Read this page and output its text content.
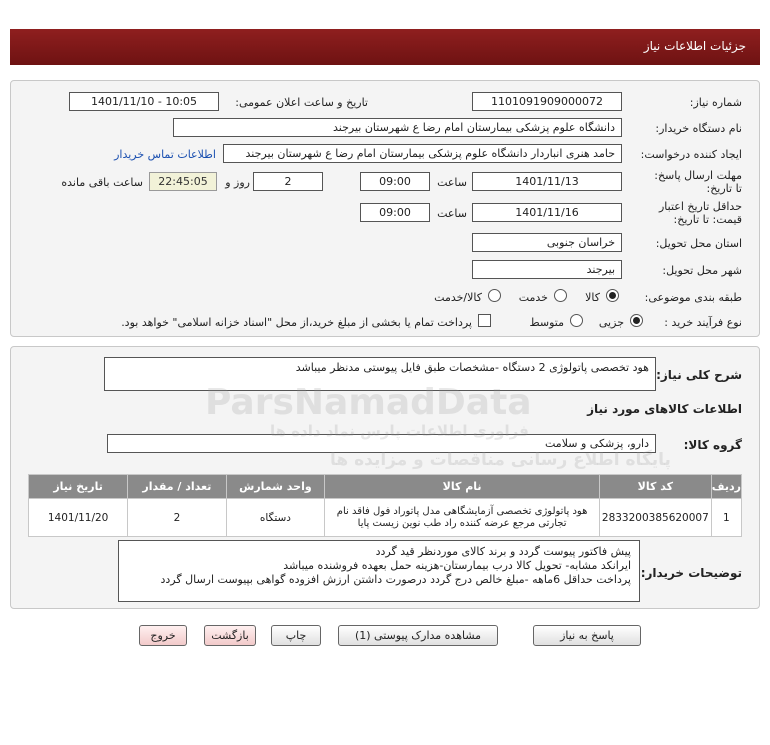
جزئیات اطلاعات نیاز
شماره نیاز:
1101091909000072
تاریخ و ساعت اعلان عمومی:
1401/11/10 - 10:05
نام دستگاه خریدار:
دانشگاه علوم پزشکی بیمارستان امام رضا ع شهرستان بیرجند
ایجاد کننده درخواست:
حامد هنری انباردار دانشگاه علوم پزشکی بیمارستان امام رضا ع شهرستان بیرجند
اطلاعات تماس خریدار
مهلت ارسال پاسخ: تا تاریخ:
1401/11/13
ساعت
09:00
2
روز و
22:45:05
ساعت باقی مانده
حداقل تاریخ اعتبار قیمت: تا تاریخ:
1401/11/16
ساعت
09:00
استان محل تحویل:
خراسان جنوبی
شهر محل تحویل:
بیرجند
طبقه بندی موضوعی:
کالا
خدمت
کالا/خدمت
نوع فرآیند خرید :
جزیی
متوسط
پرداخت تمام یا بخشی از مبلغ خرید،از محل "اسناد خزانه اسلامی" خواهد بود.
شرح کلی نیاز:
هود تخصصی پاتولوژی 2 دستگاه -مشخصات طبق فایل پیوستی مدنظر میباشد
اطلاعات کالاهای مورد نیاز
گروه کالا:
دارو، پزشکی و سلامت
ردیف	کد کالا	نام کالا	واحد شمارش	تعداد / مقدار	تاریخ نیاز
1	2833200385620007	هود پاتولوژی تخصصی آزمایشگاهی مدل پاتوراد فول فاقد نام تجارتی مرجع عرضه کننده راد طب نوین زیست پایا	دستگاه	2	1401/11/20
توضیحات خریدار:
پیش فاکتور پیوست گردد و برند کالای موردنظر قید گردد
ایرانکد مشابه- تحویل کالا درب بیمارستان-هزینه حمل بعهده فروشنده میباشد
پرداخت حداقل 6ماهه -مبلغ خالص درج گردد درصورت داشتن ارزش افزوده گواهی بپیوست ارسال گردد
ParsNamadData
فراوری اطلاعات پارس نماد داده ها
پایگاه اطلاع رسانی مناقصات و مزایده ها
پاسخ به نیاز
مشاهده مدارک پیوستی (1)
چاپ
بازگشت
خروج
